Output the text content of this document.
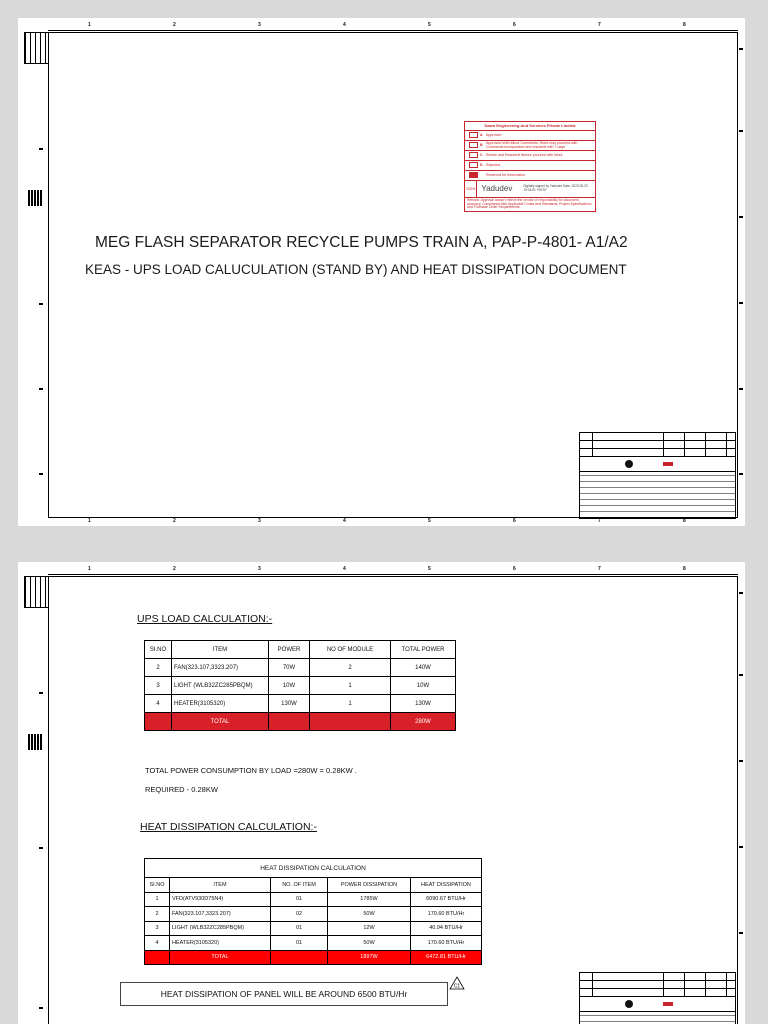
1	2	3	4	5	6	7	8
Dawn Engineering And Services Private Limited
A Approved
B
Approved With Minor Comments. Work may proceed with Comments incorporated and resubmit with 7 days
C Revise and Resubmit Before proceed with Work
D Rejected
Received for Information
SIGN Yadudev	Digitally signed by Yadudev Date: 2023.05.23 15:34:51 +05'30'
Remark: Approval doesn't relieve the vendor of responsibility for document accuracy, Compliance with Applicable Codes and Standards, Project Specifications and Purchase Order Requirements.
MEG FLASH SEPARATOR RECYCLE PUMPS TRAIN A, PAP-P-4801- A1/A2
KEAS - UPS LOAD CALUCULATION (STAND BY) AND HEAT DISSIPATION DOCUMENT
1	2	3	4	5	6	7	8
1	2	3	4	5	6	7	8
UPS LOAD CALCULATION:-
SI.NO	ITEM	POWER	NO OF MODULE	TOTAL POWER
2	FAN(323.107,3323.207)	70W	2	140W
3	LIGHT (WLB32ZC285PBQM)	10W	1	10W
4	HEATER(3105320)	130W	1	130W
	TOTAL			280W
TOTAL POWER CONSUMPTION BY LOAD =280W = 0.28KW .
REQUIRED - 0.28KW
HEAT DISSIPATION CALCULATION:-
HEAT DISSIPATION CALCULATION				
SI.NO	ITEM	NO. OF ITEM	POWER DISSIPATION	HEAT DISSIPATION
1	VFD(ATV930D75N4)	01	1785W	6090.67 BTU/Hr
2	FAN(323.107,3323.207)	02	50W	170.60 BTU/Hr
3	LIGHT (WLB32ZC285PBQM)	01	12W	40.94 BTU/Hr
4	HEATER(3105320)	01	50W	170.60 BTU/Hr
	TOTAL		1897W	6472.81 BTU/Hr
HEAT DISSIPATION OF PANEL WILL BE AROUND 6500 BTU/Hr
C1
